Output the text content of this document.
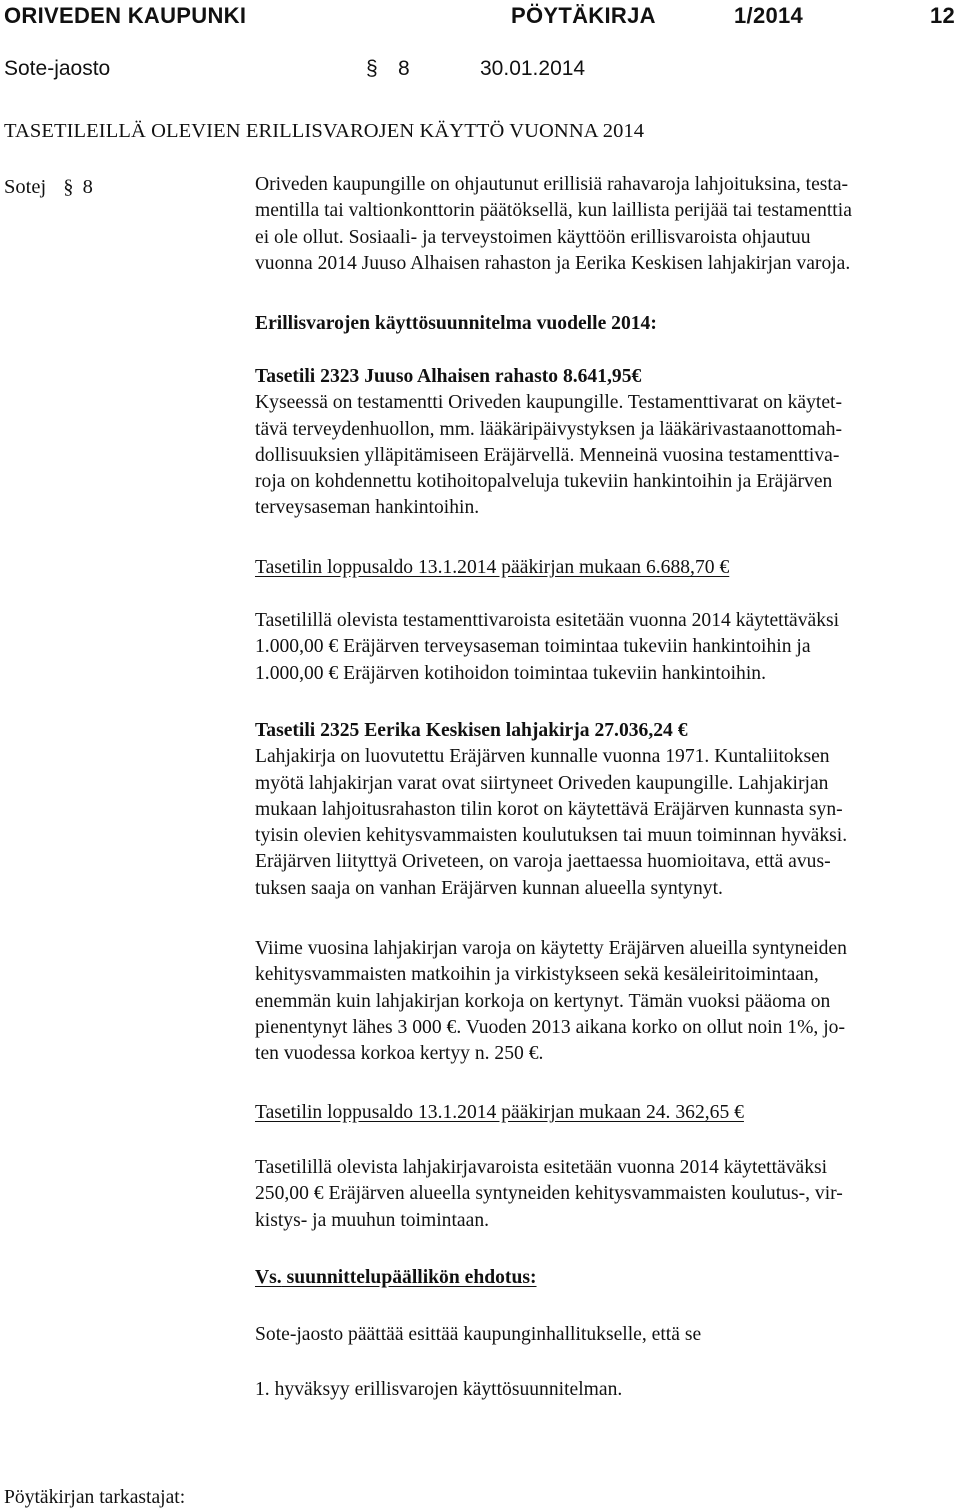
ORIVEDEN KAUPUNKI	PÖYTÄKIRJA	1/2014	12
Sote-jaosto	§ 8	30.01.2014
TASETILEILLÄ OLEVIEN ERILLISVAROJEN KÄYTTÖ VUONNA 2014
Sotej § 8	Oriveden kaupungille on ohjautunut erillisiä rahavaroja lahjoituksina, testa-
mentilla tai valtionkonttorin päätöksellä, kun laillista perijää tai testamenttia
ei ole ollut. Sosiaali- ja terveystoimen käyttöön erillisvaroista ohjautuu
vuonna 2014 Juuso Alhaisen rahaston ja Eerika Keskisen lahjakirjan varoja.
Erillisvarojen käyttösuunnitelma vuodelle 2014:
Tasetili 2323 Juuso Alhaisen rahasto 8.641,95€
Kyseessä on testamentti Oriveden kaupungille. Testamenttivarat on käytet-
tävä terveydenhuollon, mm. lääkäripäivystyksen ja lääkärivastaanottomah-
dollisuuksien ylläpitämiseen Eräjärvellä. Menneinä vuosina testamenttiva-
roja on kohdennettu kotihoitopalveluja tukeviin hankintoihin ja Eräjärven
terveysaseman hankintoihin.
Tasetilin loppusaldo 13.1.2014 pääkirjan mukaan 6.688,70 €
Tasetilillä olevista testamenttivaroista esitetään vuonna 2014 käytettäväksi
1.000,00 € Eräjärven terveysaseman toimintaa tukeviin hankintoihin ja
1.000,00 € Eräjärven kotihoidon toimintaa tukeviin hankintoihin.
Tasetili 2325 Eerika Keskisen lahjakirja 27.036,24 €
Lahjakirja on luovutettu Eräjärven kunnalle vuonna 1971. Kuntaliitoksen
myötä lahjakirjan varat ovat siirtyneet Oriveden kaupungille. Lahjakirjan
mukaan lahjoitusrahaston tilin korot on käytettävä Eräjärven kunnasta syn-
tyisin olevien kehitysvammaisten koulutuksen tai muun toiminnan hyväksi.
Eräjärven liityttyä Oriveteen, on varoja jaettaessa huomioitava, että avus-
tuksen saaja on vanhan Eräjärven kunnan alueella syntynyt.
Viime vuosina lahjakirjan varoja on käytetty Eräjärven alueilla syntyneiden
kehitysvammaisten matkoihin ja virkistykseen sekä kesäleiritoimintaan,
enemmän kuin lahjakirjan korkoja on kertynyt. Tämän vuoksi pääoma on
pienentynyt lähes 3 000 €. Vuoden 2013 aikana korko on ollut noin 1%, jo-
ten vuodessa korkoa kertyy n. 250 €.
Tasetilin loppusaldo 13.1.2014 pääkirjan mukaan 24. 362,65 €
Tasetilillä olevista lahjakirjavaroista esitetään vuonna 2014 käytettäväksi
250,00 € Eräjärven alueella syntyneiden kehitysvammaisten koulutus-, vir-
kistys- ja muuhun toimintaan.
Vs. suunnittelupäällikön ehdotus:
Sote-jaosto päättää esittää kaupunginhallitukselle, että se
1. hyväksyy erillisvarojen käyttösuunnitelman.
Pöytäkirjan tarkastajat:
